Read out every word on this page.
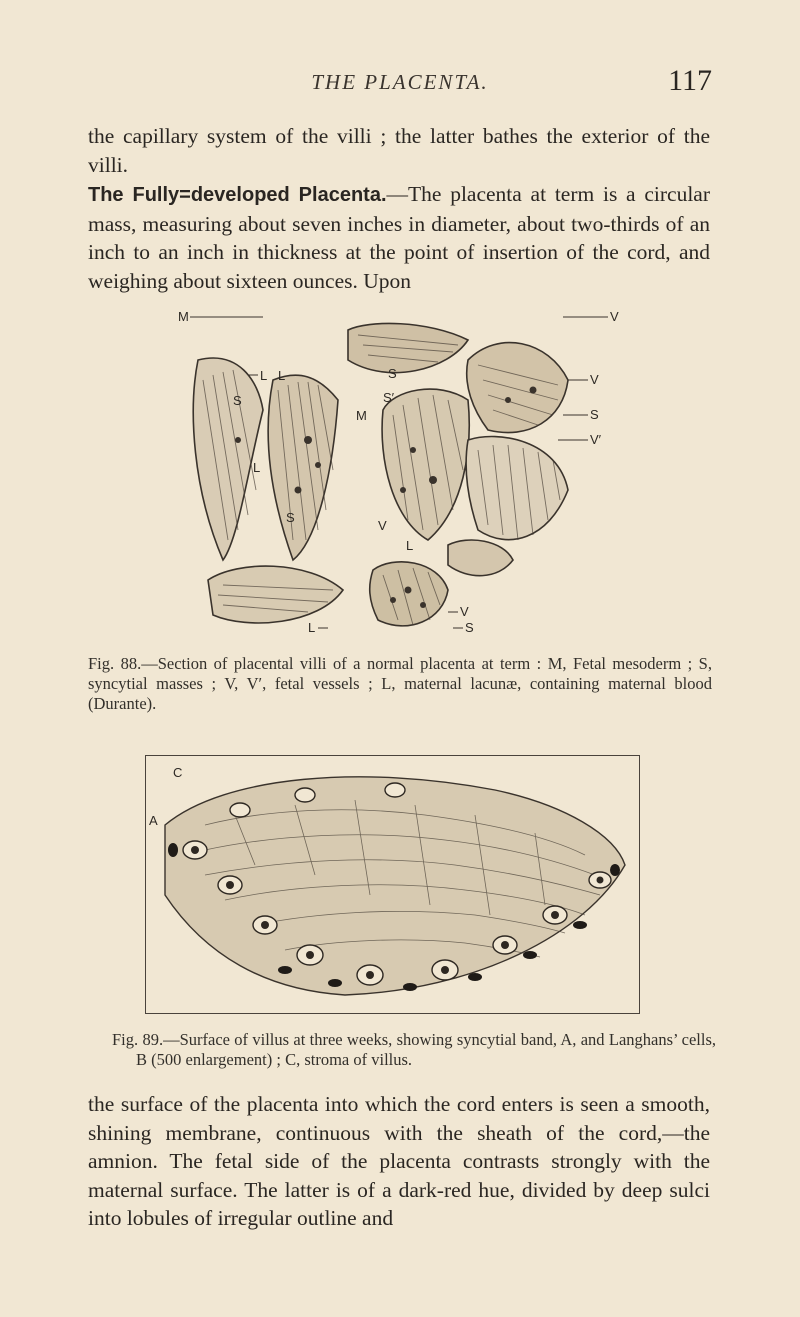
THE PLACENTA.	117

the capillary system of the villi ; the latter bathes the exterior of the villi.

The Fully=developed Placenta.—The placenta at term is a circular mass, measuring about seven inches in diameter, about two-thirds of an inch to an inch in thickness at the point of insertion of the cord, and weighing about sixteen ounces. Upon

M	V
L L	S	V
S	S′
S
M
V′
L
S
V
L
V
L	S

Fig. 88.—Section of placental villi of a normal placenta at term : M, Fetal mesoderm ; S, syncytial masses ; V, V′, fetal vessels ; L, maternal lacunæ, containing maternal blood (Durante).

C
A

Fig. 89.—Surface of villus at three weeks, showing syncytial band, A, and Langhans’ cells, B (500 enlargement) ; C, stroma of villus.

the surface of the placenta into which the cord enters is seen a smooth, shining membrane, continuous with the sheath of the cord,—the amnion. The fetal side of the placenta contrasts strongly with the maternal surface. The latter is of a dark-red hue, divided by deep sulci into lobules of irregular outline and
